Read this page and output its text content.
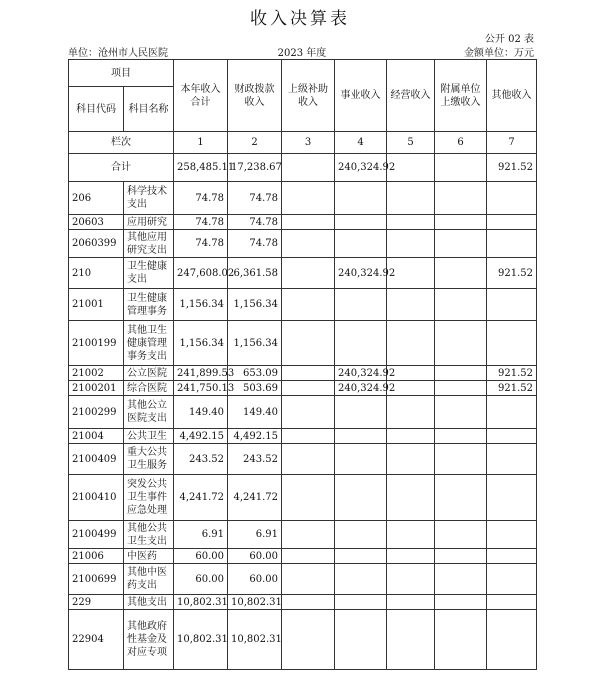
收入决算表
公开 02 表
单位：沧州市人民医院	2023 年度	金额单位：万元
项目		本年收入合计	财政拨款收入	上级补助收入	事业收入	经营收入	附属单位上缴收入	其他收入
科目代码	科目名称							
栏次		1	2	3	4	5	6	7
合计		258,485.11	17,238.67		240,324.92			921.52
206	科学技术支出	74.78	74.78					
20603	应用研究	74.78	74.78					
2060399	其他应用研究支出	74.78	74.78					
210	卫生健康支出	247,608.02	6,361.58		240,324.92			921.52
21001	卫生健康管理事务	1,156.34	1,156.34					
2100199	其他卫生健康管理事务支出	1,156.34	1,156.34					
21002	公立医院	241,899.53	653.09		240,324.92			921.52
2100201	综合医院	241,750.13	503.69		240,324.92			921.52
2100299	其他公立医院支出	149.40	149.40					
21004	公共卫生	4,492.15	4,492.15					
2100409	重大公共卫生服务	243.52	243.52					
2100410	突发公共卫生事件应急处理	4,241.72	4,241.72					
2100499	其他公共卫生支出	6.91	6.91					
21006	中医药	60.00	60.00					
2100699	其他中医药支出	60.00	60.00					
229	其他支出	10,802.31	10,802.31					
22904	其他政府性基金及对应专项	10,802.31	10,802.31					
